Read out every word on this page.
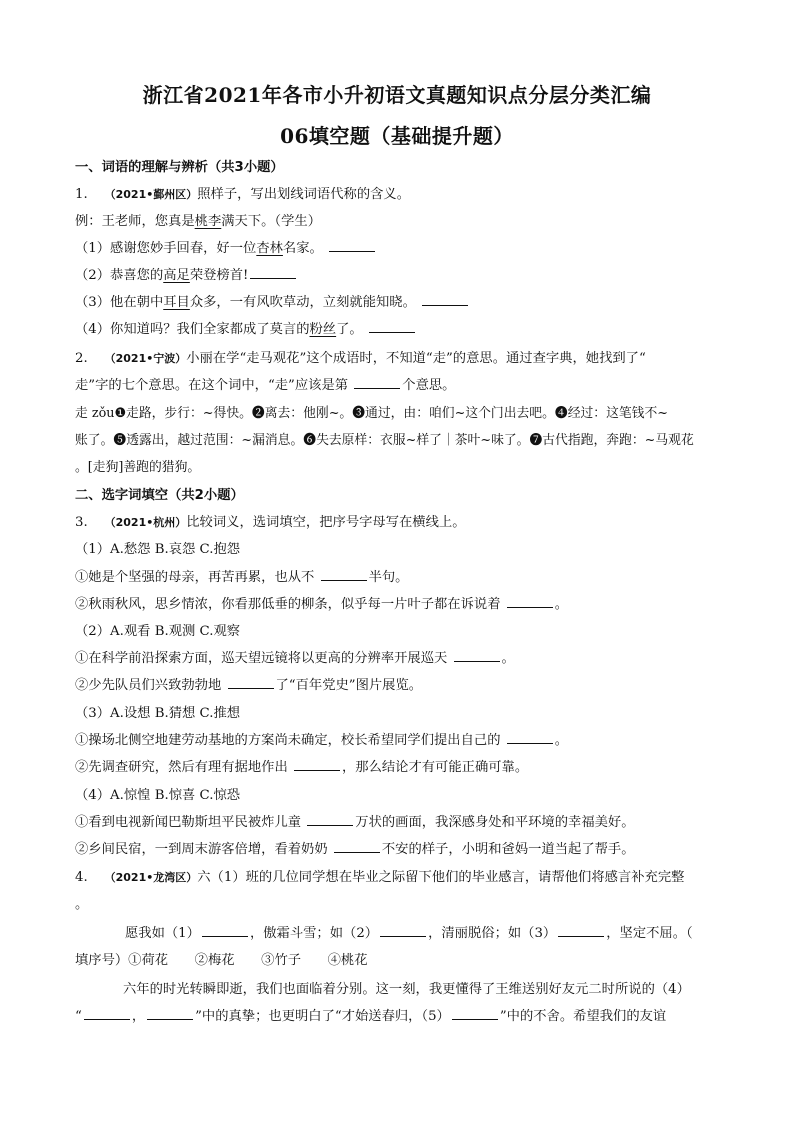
浙江省2021年各市小升初语文真题知识点分层分类汇编
06填空题（基础提升题）
一、词语的理解与辨析（共3小题）
1. （2021•鄞州区）照样子，写出划线词语代称的含义。
例：王老师，您真是桃李满天下。（学生）
（1）感谢您妙手回春，好一位杏林名家。
（2）恭喜您的高足荣登榜首!
（3）他在朝中耳目众多，一有风吹草动，立刻就能知晓。
（4）你知道吗？我们全家都成了莫言的粉丝了。
2. （2021•宁波）小丽在学“走马观花”这个成语时，不知道“走”的意思。通过查字典，她找到了“
走”字的七个意思。在这个词中，“走”应该是第	个意思。
走 zǒu❶走路，步行：~得快。❷离去：他刚~。❸通过，由：咱们~这个门出去吧。❹经过：这笔钱不~
账了。❺透露出，越过范围：~漏消息。❻失去原样：衣服~样了｜茶叶~味了。❼古代指跑，奔跑：~马观花
。[走狗]善跑的猎狗。
二、选字词填空（共2小题）
3. （2021•杭州）比较词义，选词填空，把序号字母写在横线上。
（1）A.愁怨 B.哀怨 C.抱怨
①她是个坚强的母亲，再苦再累，也从不	半句。
②秋雨秋风，思乡情浓，你看那低垂的柳条，似乎每一片叶子都在诉说着	。
（2）A.观看 B.观测 C.观察
①在科学前沿探索方面，巡天望远镜将以更高的分辨率开展巡天	。
②少先队员们兴致勃勃地	了“百年党史”图片展览。
（3）A.设想 B.猜想 C.推想
①操场北侧空地建劳动基地的方案尚未确定，校长希望同学们提出自己的	。
②先调查研究，然后有理有据地作出	，那么结论才有可能正确可靠。
（4）A.惊惶 B.惊喜 C.惊恐
①看到电视新闻巴勒斯坦平民被炸儿童	万状的画面，我深感身处和平环境的幸福美好。
②乡间民宿，一到周末游客倍增，看着奶奶	不安的样子，小明和爸妈一道当起了帮手。
4. （2021•龙湾区）六（1）班的几位同学想在毕业之际留下他们的毕业感言，请帮他们将感言补充完整
。
愿我如（1）	，傲霜斗雪；如（2）	，清丽脱俗；如（3）	，坚定不屈。（
填序号）①荷花　　②梅花　　③竹子　　④桃花
六年的时光转瞬即逝，我们也面临着分别。这一刻，我更懂得了王维送别好友元二时所说的（4）
“	，	”中的真挚；也更明白了“才始送春归，（5）	”中的不舍。希望我们的友谊
